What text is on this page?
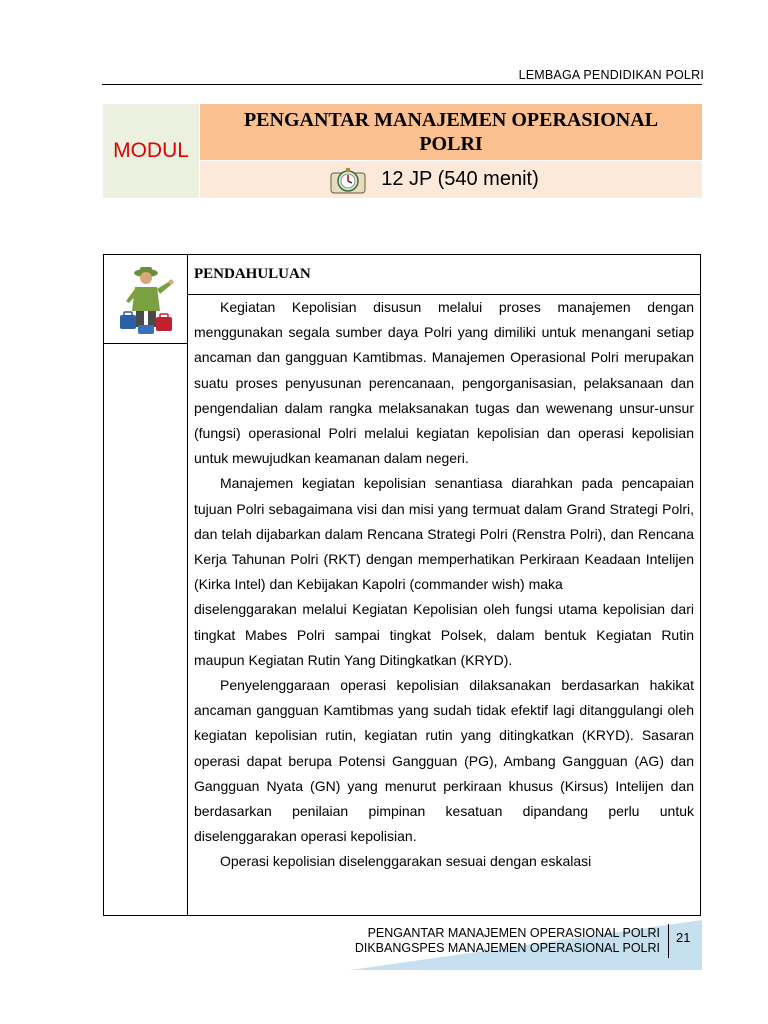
LEMBAGA PENDIDIKAN POLRI
MODUL
PENGANTAR MANAJEMEN OPERASIONAL
POLRI
12 JP (540 menit)
PENDAHULUAN

Kegiatan Kepolisian disusun melalui proses manajemen dengan menggunakan segala sumber daya Polri yang dimiliki untuk menangani setiap ancaman dan gangguan Kamtibmas. Manajemen Operasional Polri merupakan suatu proses penyusunan perencanaan, pengorganisasian, pelaksanaan dan pengendalian dalam rangka melaksanakan tugas dan wewenang unsur-unsur (fungsi) operasional Polri melalui kegiatan kepolisian dan operasi kepolisian untuk mewujudkan keamanan dalam negeri.

Manajemen kegiatan kepolisian senantiasa diarahkan pada pencapaian tujuan Polri sebagaimana visi dan misi yang termuat dalam Grand Strategi Polri, dan telah dijabarkan dalam Rencana Strategi Polri (Renstra Polri), dan Rencana Kerja Tahunan Polri (RKT) dengan memperhatikan Perkiraan Keadaan Intelijen (Kirka Intel) dan Kebijakan Kapolri (commander wish) maka

diselenggarakan melalui Kegiatan Kepolisian oleh fungsi utama kepolisian dari tingkat Mabes Polri sampai tingkat Polsek, dalam bentuk Kegiatan Rutin maupun Kegiatan Rutin Yang Ditingkatkan (KRYD).

Penyelenggaraan operasi kepolisian dilaksanakan berdasarkan hakikat ancaman gangguan Kamtibmas yang sudah tidak efektif lagi ditanggulangi oleh kegiatan kepolisian rutin, kegiatan rutin yang ditingkatkan (KRYD). Sasaran operasi dapat berupa Potensi Gangguan (PG), Ambang Gangguan (AG) dan Gangguan Nyata (GN) yang menurut perkiraan khusus (Kirsus) Intelijen dan berdasarkan penilaian pimpinan kesatuan dipandang perlu untuk diselenggarakan operasi kepolisian.

Operasi kepolisian diselenggarakan sesuai dengan eskalasi

PENGANTAR MANAJEMEN OPERASIONAL POLRI
DIKBANGSPES MANAJEMEN OPERASIONAL POLRI
21
